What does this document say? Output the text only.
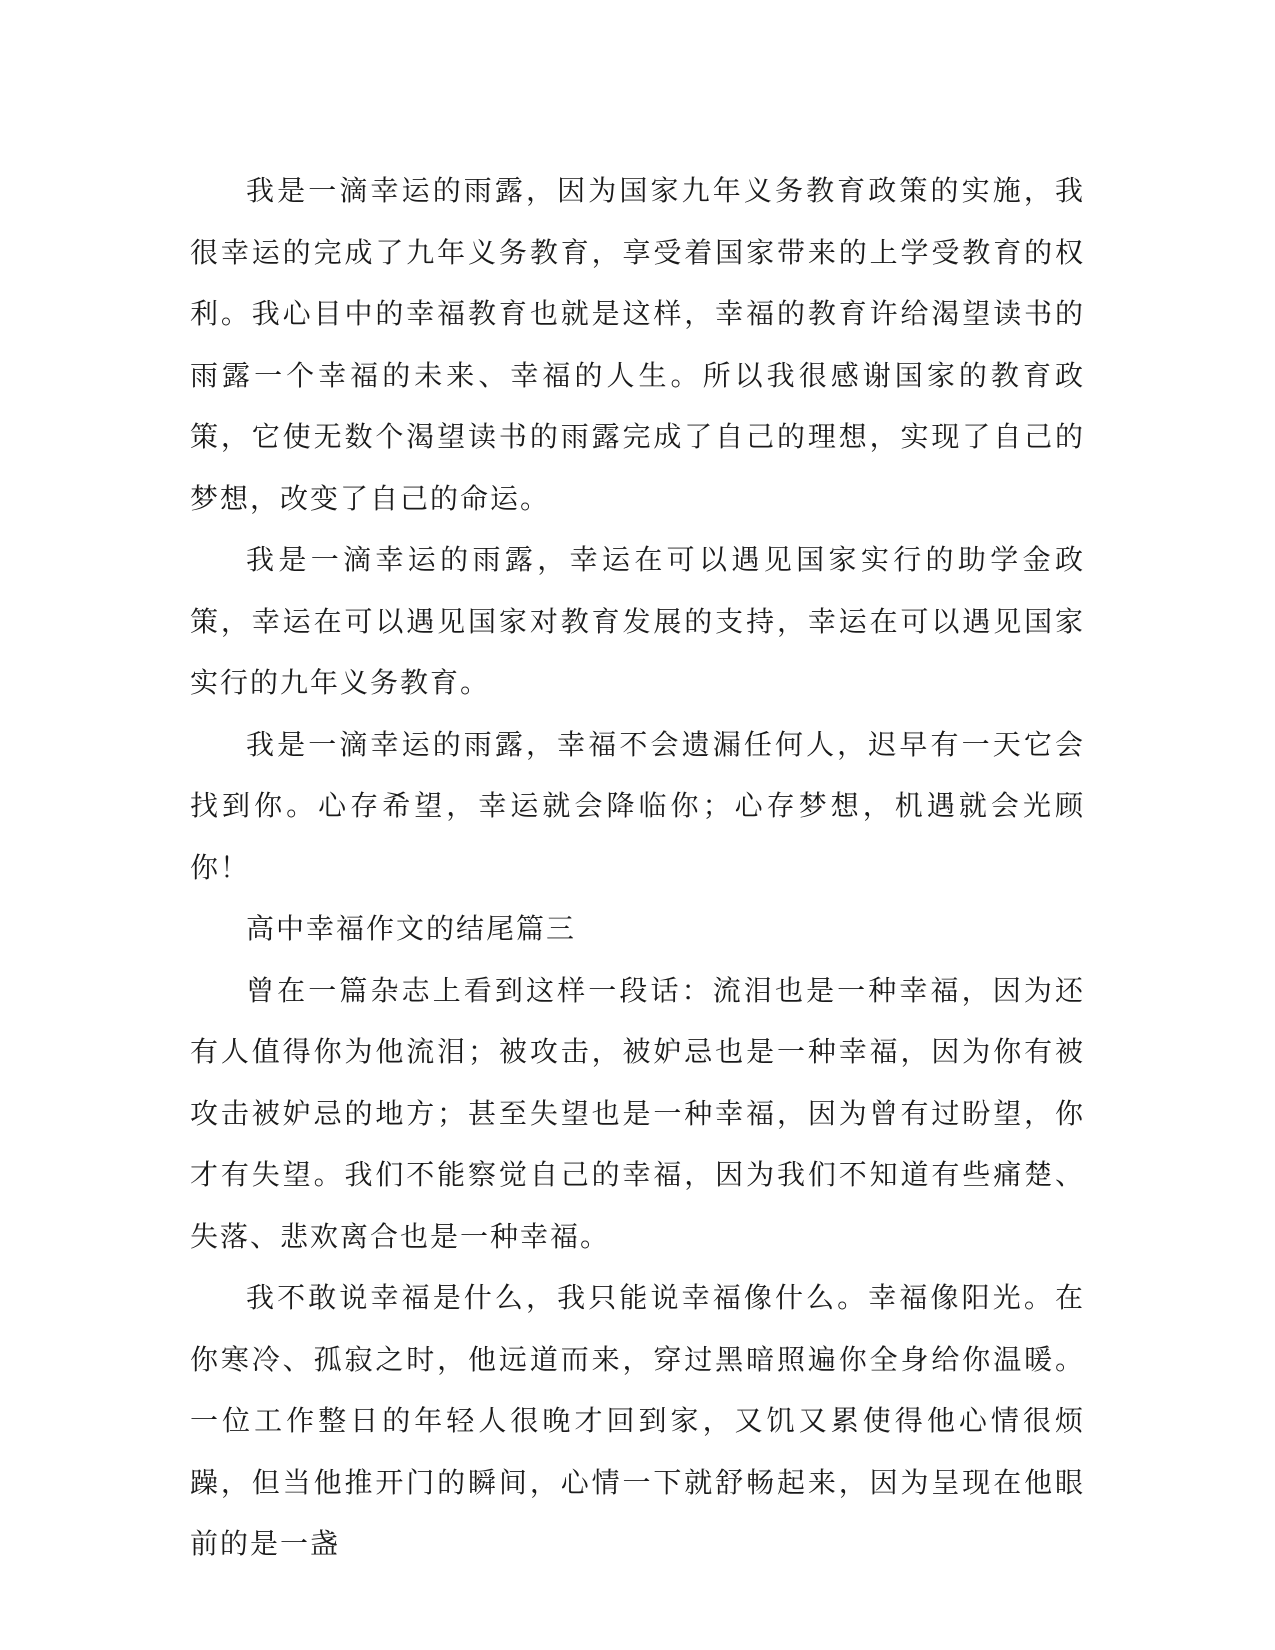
我是一滴幸运的雨露，因为国家九年义务教育政策的实施，我很幸运的完成了九年义务教育，享受着国家带来的上学受教育的权利。我心目中的幸福教育也就是这样，幸福的教育许给渴望读书的雨露一个幸福的未来、幸福的人生。所以我很感谢国家的教育政策，它使无数个渴望读书的雨露完成了自己的理想，实现了自己的梦想，改变了自己的命运。

我是一滴幸运的雨露，幸运在可以遇见国家实行的助学金政策，幸运在可以遇见国家对教育发展的支持，幸运在可以遇见国家实行的九年义务教育。

我是一滴幸运的雨露，幸福不会遗漏任何人，迟早有一天它会找到你。心存希望，幸运就会降临你；心存梦想，机遇就会光顾你！

高中幸福作文的结尾篇三

曾在一篇杂志上看到这样一段话：流泪也是一种幸福，因为还有人值得你为他流泪；被攻击，被妒忌也是一种幸福，因为你有被攻击被妒忌的地方；甚至失望也是一种幸福，因为曾有过盼望，你才有失望。我们不能察觉自己的幸福，因为我们不知道有些痛楚、失落、悲欢离合也是一种幸福。

我不敢说幸福是什么，我只能说幸福像什么。幸福像阳光。在你寒冷、孤寂之时，他远道而来，穿过黑暗照遍你全身给你温暖。一位工作整日的年轻人很晚才回到家，又饥又累使得他心情很烦躁，但当他推开门的瞬间，心情一下就舒畅起来，因为呈现在他眼前的是一盏
